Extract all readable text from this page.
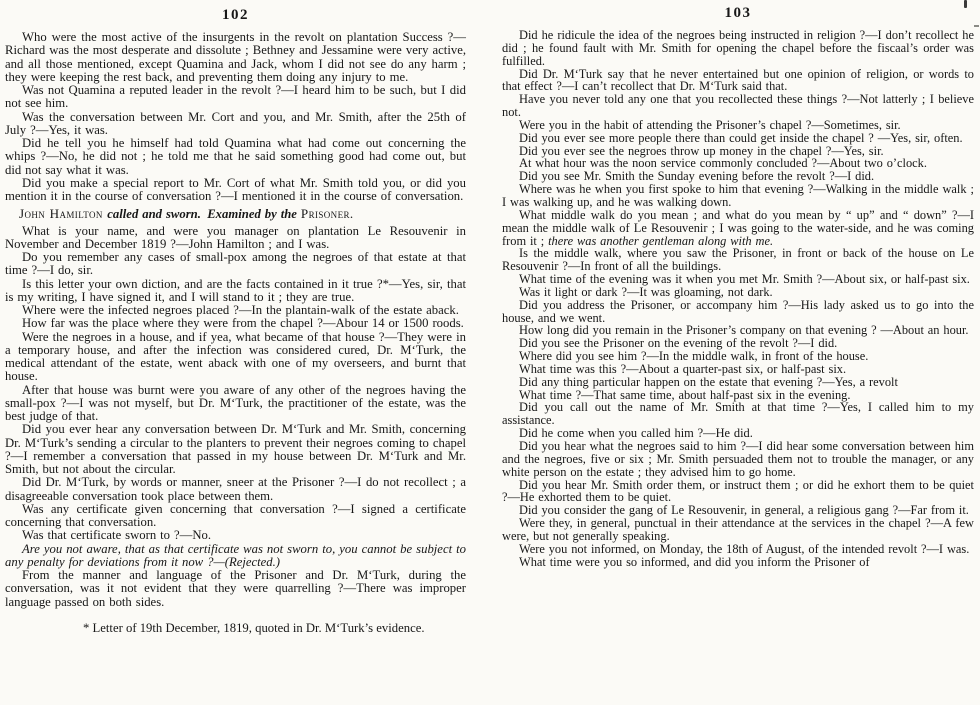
102

Who were the most active of the insurgents in the revolt on plantation Success ?—Richard was the most desperate and dissolute ; Bethney and Jessamine were very active, and all those mentioned, except Quamina and Jack, whom I did not see do any harm ; they were keeping the rest back, and preventing them doing any injury to me.

Was not Quamina a reputed leader in the revolt ?—I heard him to be such, but I did not see him.

Was the conversation between Mr. Cort and you, and Mr. Smith, after the 25th of July ?—Yes, it was.

Did he tell you he himself had told Quamina what had come out concerning the whips ?—No, he did not ; he told me that he said something good had come out, but did not say what it was.

Did you make a special report to Mr. Cort of what Mr. Smith told you, or did you mention it in the course of conversation ?—I mentioned it in the course of conversation.

John Hamilton called and sworn. Examined by the Prisoner.

What is your name, and were you manager on plantation Le Resouvenir in November and December 1819 ?—John Hamilton ; and I was.

Do you remember any cases of small-pox among the negroes of that estate at that time ?—I do, sir.

Is this letter your own diction, and are the facts contained in it true ?*—Yes, sir, that is my writing, I have signed it, and I will stand to it ; they are true.

Where were the infected negroes placed ?—In the plantain-walk of the estate aback.

How far was the place where they were from the chapel ?—Abour 14 or 1500 roods.

Were the negroes in a house, and if yea, what became of that house ?—They were in a temporary house, and after the infection was considered cured, Dr. M‘Turk, the medical attendant of the estate, went aback with one of my overseers, and burnt that house.

After that house was burnt were you aware of any other of the negroes having the small-pox ?—I was not myself, but Dr. M‘Turk, the practitioner of the estate, was the best judge of that.

Did you ever hear any conversation between Dr. M‘Turk and Mr. Smith, concerning Dr. M‘Turk’s sending a circular to the planters to prevent their negroes coming to chapel ?—I remember a conversation that passed in my house between Dr. M‘Turk and Mr. Smith, but not about the circular.

Did Dr. M‘Turk, by words or manner, sneer at the Prisoner ?—I do not recollect ; a disagreeable conversation took place between them.

Was any certificate given concerning that conversation ?—I signed a certificate concerning that conversation.

Was that certificate sworn to ?—No.

Are you not aware, that as that certificate was not sworn to, you cannot be subject to any penalty for deviations from it now ?—(Rejected.)

From the manner and language of the Prisoner and Dr. M‘Turk, during the conversation, was it not evident that they were quarrelling ?—There was improper language passed on both sides.

* Letter of 19th December, 1819, quoted in Dr. M‘Turk’s evidence.
103

Did he ridicule the idea of the negroes being instructed in religion ?—I don’t recollect he did ; he found fault with Mr. Smith for opening the chapel before the fiscaal’s order was fulfilled.

Did Dr. M‘Turk say that he never entertained but one opinion of religion, or words to that effect ?—I can’t recollect that Dr. M‘Turk said that.

Have you never told any one that you recollected these things ?—Not latterly ; I believe not.

Were you in the habit of attending the Prisoner’s chapel ?—Sometimes, sir.

Did you ever see more people there than could get inside the chapel ? —Yes, sir, often.

Did you ever see the negroes throw up money in the chapel ?—Yes, sir.

At what hour was the noon service commonly concluded ?—About two o’clock.

Did you see Mr. Smith the Sunday evening before the revolt ?—I did.

Where was he when you first spoke to him that evening ?—Walking in the middle walk ; I was walking up, and he was walking down.

What middle walk do you mean ; and what do you mean by “ up” and “ down” ?—I mean the middle walk of Le Resouvenir ; I was going to the water-side, and he was coming from it ; there was another gentleman along with me.

Is the middle walk, where you saw the Prisoner, in front or back of the house on Le Resouvenir ?—In front of all the buildings.

What time of the evening was it when you met Mr. Smith ?—About six, or half-past six.

Was it light or dark ?—It was gloaming, not dark.

Did you address the Prisoner, or accompany him ?—His lady asked us to go into the house, and we went.

How long did you remain in the Prisoner’s company on that evening ? —About an hour.

Did you see the Prisoner on the evening of the revolt ?—I did.

Where did you see him ?—In the middle walk, in front of the house.

What time was this ?—About a quarter-past six, or half-past six.

Did any thing particular happen on the estate that evening ?—Yes, a revolt

What time ?—That same time, about half-past six in the evening.

Did you call out the name of Mr. Smith at that time ?—Yes, I called him to my assistance.

Did he come when you called him ?—He did.

Did you hear what the negroes said to him ?—I did hear some conversation between him and the negroes, five or six ; Mr. Smith persuaded them not to trouble the manager, or any white person on the estate ; they advised him to go home.

Did you hear Mr. Smith order them, or instruct them ; or did he exhort them to be quiet ?—He exhorted them to be quiet.

Did you consider the gang of Le Resouvenir, in general, a religious gang ?—Far from it.

Were they, in general, punctual in their attendance at the services in the chapel ?—A few were, but not generally speaking.

Were you not informed, on Monday, the 18th of August, of the intended revolt ?—I was.

What time were you so informed, and did you inform the Prisoner of
